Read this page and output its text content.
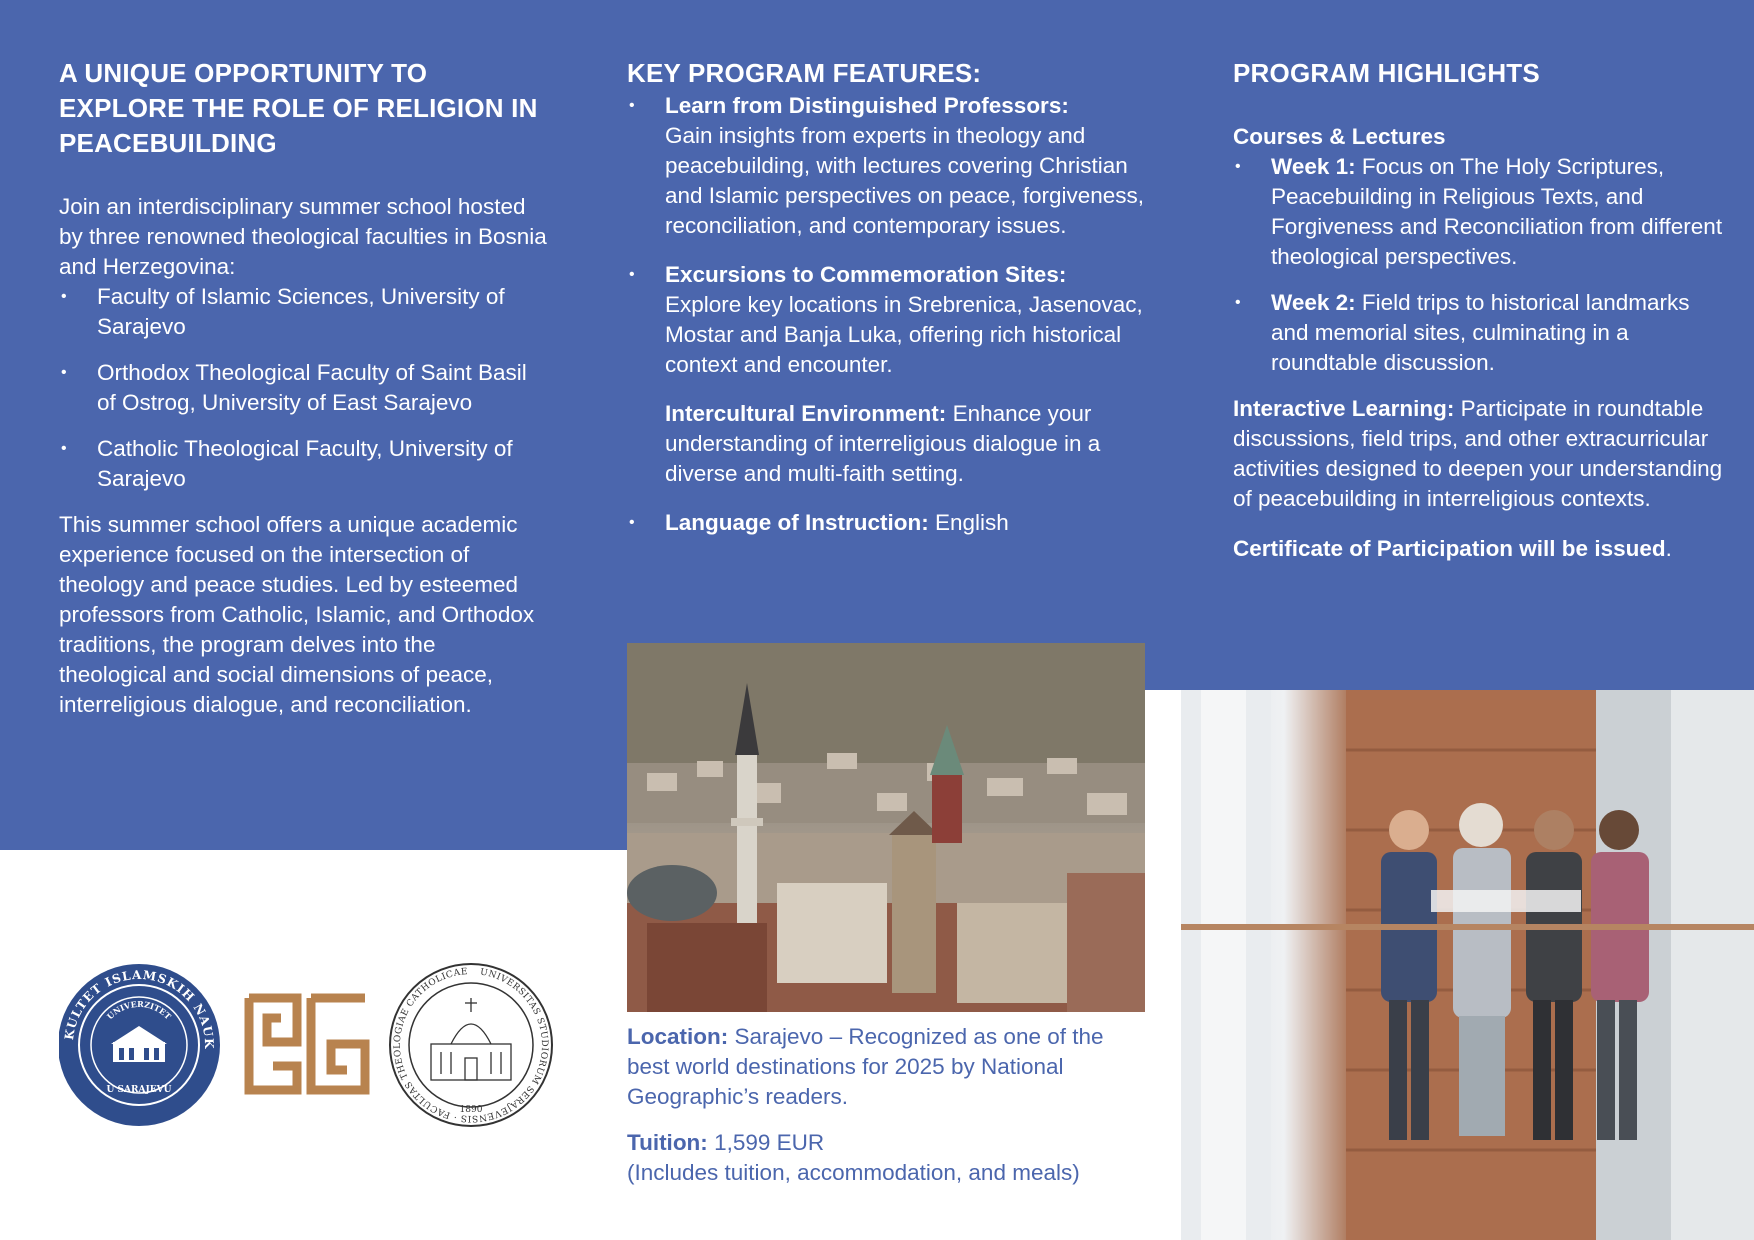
A UNIQUE OPPORTUNITY TO EXPLORE THE ROLE OF RELIGION IN PEACEBUILDING

Join an interdisciplinary summer school hosted by three renowned theological faculties in Bosnia and Herzegovina:

• Faculty of Islamic Sciences, University of Sarajevo
• Orthodox Theological Faculty of Saint Basil of Ostrog, University of East Sarajevo
• Catholic Theological Faculty, University of Sarajevo

This summer school offers a unique academic experience focused on the intersection of theology and peace studies. Led by esteemed professors from Catholic, Islamic, and Orthodox traditions, the program delves into the theological and social dimensions of peace, interreligious dialogue, and reconciliation.

KEY PROGRAM FEATURES:
• Learn from Distinguished Professors:
Gain insights from experts in theology and peacebuilding, with lectures covering Christian and Islamic perspectives on peace, forgiveness, reconciliation, and contemporary issues.
• Excursions to Commemoration Sites:
Explore key locations in Srebrenica, Jasenovac, Mostar and Banja Luka, offering rich historical context and encounter.
Intercultural Environment: Enhance your understanding of interreligious dialogue in a diverse and multi-faith setting.
• Language of Instruction: English
PROGRAM HIGHLIGHTS

Courses & Lectures

• Week 1: Focus on The Holy Scriptures, Peacebuilding in Religious Texts, and Forgiveness and Reconciliation from different theological perspectives.
• Week 2: Field trips to historical landmarks and memorial sites, culminating in a roundtable discussion.

Interactive Learning: Participate in roundtable discussions, field trips, and other extracurricular activities designed to deepen your understanding of peacebuilding in interreligious contexts.

Certificate of Participation will be issued.

Location: Sarajevo – Recognized as one of the best world destinations for 2025 by National Geographic’s readers.

Tuition: 1,599 EUR
(Includes tuition, accommodation, and meals)

KULTET ISLAMSKIH NAUK
UNIVERZITET
U SARAJEVU
UNIVERSITAS STUDIORUM SERAJEVENSIS · FACULTAS THEOLOGIAE CATHOLICAE
1890
